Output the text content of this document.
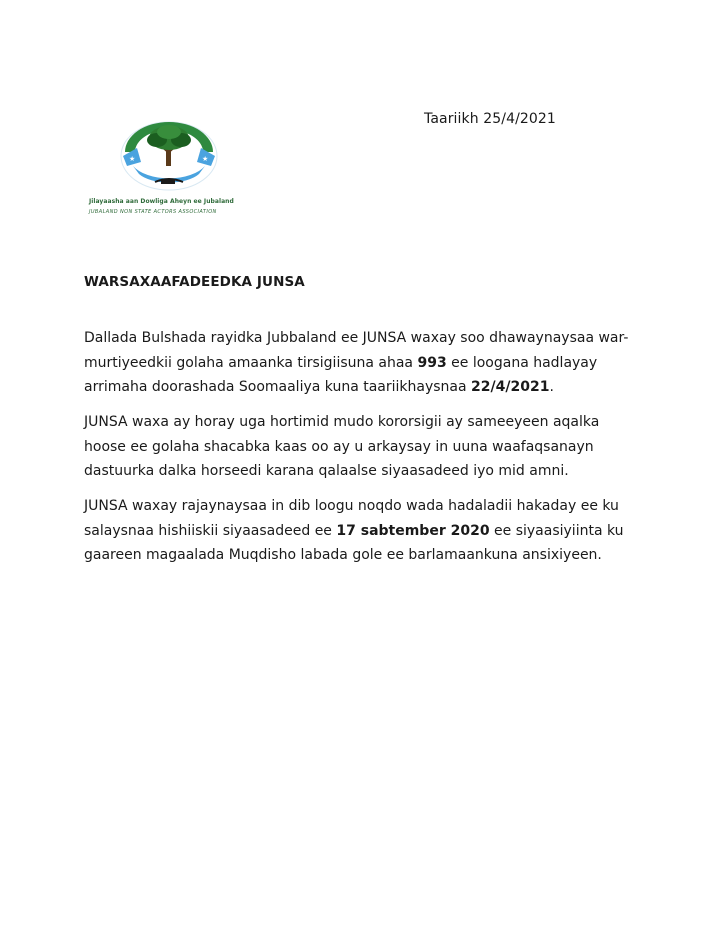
Taariikh 25/4/2021
★	★
JUNSA
Jilayaasha aan Dowliga Aheyn ee Jubaland
JUBALAND NON STATE ACTORS ASSOCIATION
WARSAXAAFADEEDKA JUNSA

Dallada Bulshada rayidka Jubbaland ee JUNSA waxay soo dhawaynaysaa war-
murtiyeedkii golaha amaanka tirsigiisuna ahaa 993 ee loogana hadlayay
arrimaha doorashada Soomaaliya kuna taariikhaysnaa 22/4/2021.

JUNSA waxa ay horay uga hortimid mudo kororsigii ay sameeyeen aqalka
hoose ee golaha shacabka kaas oo ay u arkaysay in uuna waafaqsanayn
dastuurka dalka horseedi karana qalaalse siyaasadeed iyo mid amni.

JUNSA waxay rajaynaysaa in dib loogu noqdo wada hadaladii hakaday ee ku
salaysnaa hishiiskii siyaasadeed ee 17 sabtember 2020 ee siyaasiyiinta ku
gaareen magaalada Muqdisho labada gole ee barlamaankuna ansixiyeen.
